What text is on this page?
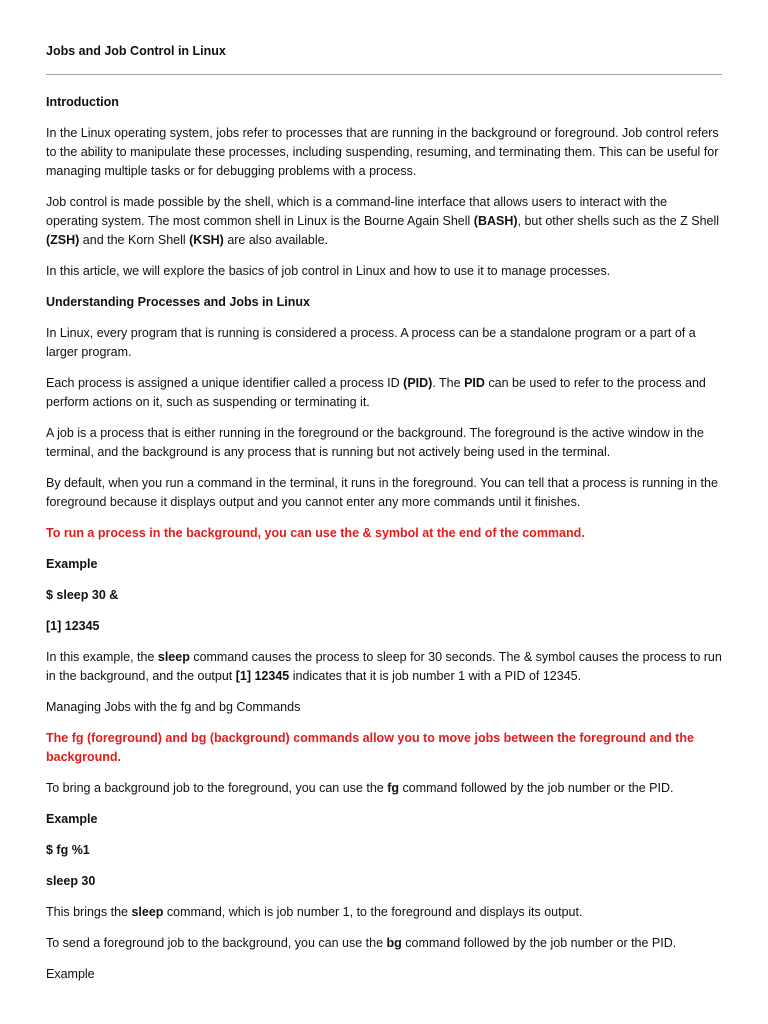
Jobs and Job Control in Linux

Introduction

In the Linux operating system, jobs refer to processes that are running in the background or foreground. Job control refers to the ability to manipulate these processes, including suspending, resuming, and terminating them. This can be useful for managing multiple tasks or for debugging problems with a process.

Job control is made possible by the shell, which is a command-line interface that allows users to interact with the operating system. The most common shell in Linux is the Bourne Again Shell (BASH), but other shells such as the Z Shell (ZSH) and the Korn Shell (KSH) are also available.

In this article, we will explore the basics of job control in Linux and how to use it to manage processes.

Understanding Processes and Jobs in Linux

In Linux, every program that is running is considered a process. A process can be a standalone program or a part of a larger program.

Each process is assigned a unique identifier called a process ID (PID). The PID can be used to refer to the process and perform actions on it, such as suspending or terminating it.

A job is a process that is either running in the foreground or the background. The foreground is the active window in the terminal, and the background is any process that is running but not actively being used in the terminal.

By default, when you run a command in the terminal, it runs in the foreground. You can tell that a process is running in the foreground because it displays output and you cannot enter any more commands until it finishes.

To run a process in the background, you can use the & symbol at the end of the command.

Example

$ sleep 30 &

[1] 12345

In this example, the sleep command causes the process to sleep for 30 seconds. The & symbol causes the process to run in the background, and the output [1] 12345 indicates that it is job number 1 with a PID of 12345.

Managing Jobs with the fg and bg Commands

The fg (foreground) and bg (background) commands allow you to move jobs between the foreground and the background.

To bring a background job to the foreground, you can use the fg command followed by the job number or the PID.

Example

$ fg %1

sleep 30

This brings the sleep command, which is job number 1, to the foreground and displays its output.

To send a foreground job to the background, you can use the bg command followed by the job number or the PID.

Example
